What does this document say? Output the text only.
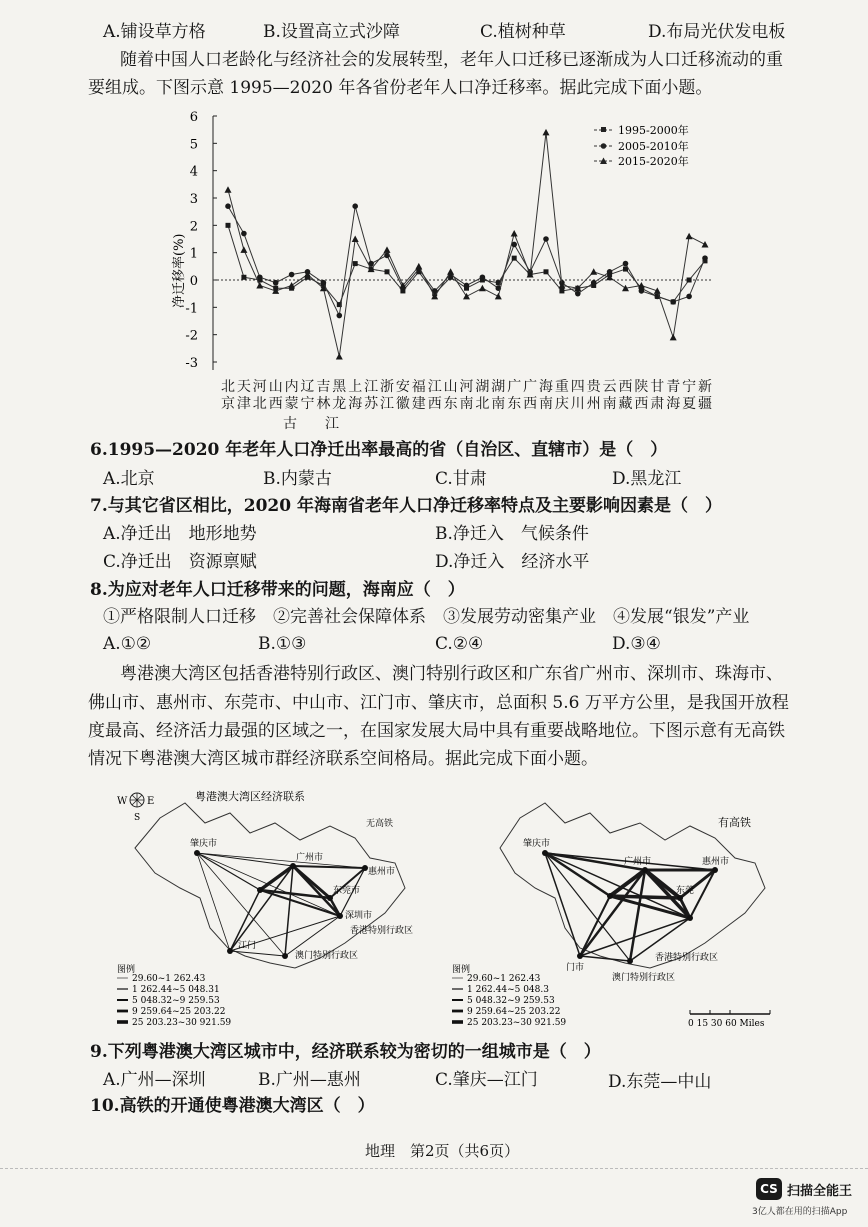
A.铺设草方格	B.设置高立式沙障	C.植树种草	D.布局光伏发电板
随着中国人口老龄化与经济社会的发展转型，老年人口迁移已逐渐成为人口迁移流动的重
要组成。下图示意 1995—2020 年各省份老年人口净迁移率。据此完成下面小题。
6
5
4
3
2
1
0
-1
-2
-3
净迁移率(%)
1995-2000年
2005-2010年
2015-2020年
北
京
天
津
河
北
山
西
内
蒙
辽
宁
吉
林
黑
龙
上
海
江
苏
浙
江
安
徽
福
建
江
西
山
东
河
南
湖
北
湖
南
广
东
广
西
海
南
重
庆
四
川
贵
州
云
南
西
藏
陕
西
甘
肃
青
海
宁
夏
新
疆
古 江
6.1995—2020 年老年人口净迁出率最高的省（自治区、直辖市）是（　）
A.北京	B.内蒙古	C.甘肃	D.黑龙江
7.与其它省区相比，2020 年海南省老年人口净迁移率特点及主要影响因素是（　）
A.净迁出　地形地势	B.净迁入　气候条件
C.净迁出　资源禀赋	D.净迁入　经济水平
8.为应对老年人口迁移带来的问题，海南应（　）
①严格限制人口迁移　②完善社会保障体系　③发展劳动密集产业　④发展“银发”产业
A.①②	B.①③	C.②④	D.③④
粤港澳大湾区包括香港特别行政区、澳门特别行政区和广东省广州市、深圳市、珠海市、
佛山市、惠州市、东莞市、中山市、江门市、肇庆市，总面积 5.6 万平方公里，是我国开放程
度最高、经济活力最强的区域之一，在国家发展大局中具有重要战略地位。下图示意有无高铁
情况下粤港澳大湾区城市群经济联系空间格局。据此完成下面小题。
W E
S
粤港澳大湾区经济联系
无高铁
肇庆市
广州市
惠州市
东莞市
深圳市
江门
香港特别行政区
澳门特别行政区
图例
29.60~1 262.43
1 262.44~5 048.31
5 048.32~9 259.53
9 259.64~25 203.22
25 203.23~30 921.59
有高铁
肇庆市
广州市	惠州市
东莞
门市
香港特别行政区
澳门特别行政区
图例
29.60~1 262.43
1 262.44~5 048.3
5 048.32~9 259.53
9 259.64~25 203.22
25 203.23~30 921.59	0 15 30 60 Miles
9.下列粤港澳大湾区城市中，经济联系较为密切的一组城市是（　）
A.广州—深圳	B.广州—惠州	C.肇庆—江门	D.东莞—中山
10.高铁的开通使粤港澳大湾区（　）
地理　第2页（共6页）
CS 扫描全能王
3亿人都在用的扫描App
